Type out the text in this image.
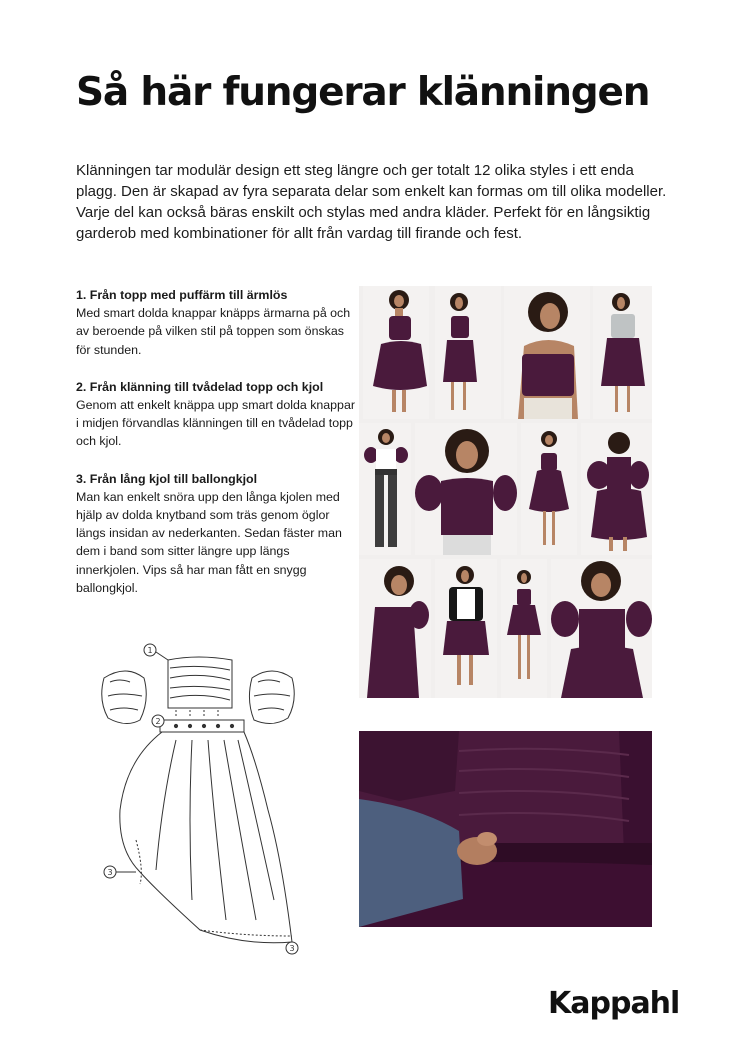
Så här fungerar klänningen

Klänningen tar modulär design ett steg längre och ger totalt 12 olika styles i ett enda plagg. Den är skapad av fyra separata delar som enkelt kan formas om till olika modeller. Varje del kan också bäras enskilt och stylas med andra kläder. Perfekt för en långsiktig garderob med kombinationer för allt från vardag till firande och fest.

1. Från topp med puffärm till ärmlös
Med smart dolda knappar knäpps ärmarna på och av beroende på vilken stil på toppen som önskas för stunden.
2. Från klänning till tvådelad topp och kjol
Genom att enkelt knäppa upp smart dolda knappar i midjen förvandlas klänningen till en tvådelad topp och kjol.
3. Från lång kjol till ballongkjol
Man kan enkelt snöra upp den långa kjolen med hjälp av dolda knytband som träs genom öglor längs insidan av nederkanten. Sedan fäster man dem i band som sitter längre upp längs innerkjolen. Vips så har man fått en snygg ballongkjol.
1
2
3
3
Kappahl
